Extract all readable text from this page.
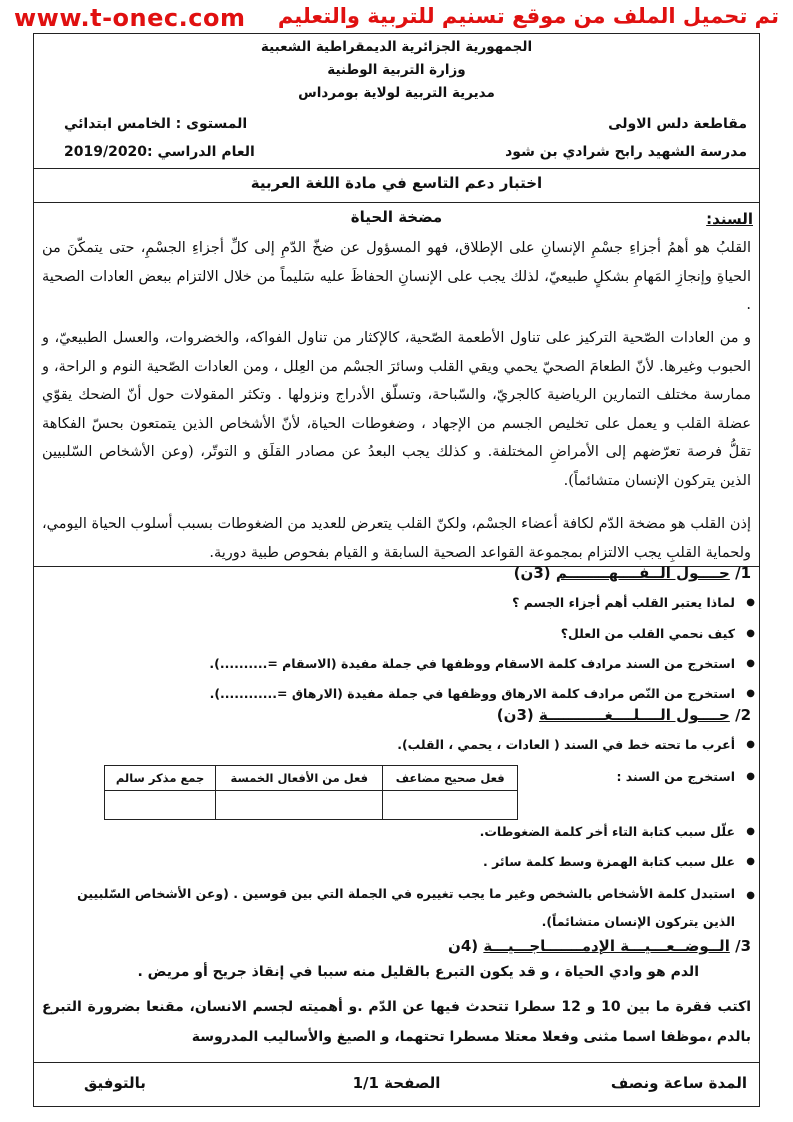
تم تحميل الملف من موقع تسنيم للتربية والتعليم
www.t-onec.com
الجمهورية الجزائرية الديمقراطية الشعبية
وزارة التربية الوطنية
مديرية التربية لولاية بومرداس
مقاطعة دلس الاولى
المستوى : الخامس ابتدائي
مدرسة الشهيد رابح شرادي بن شود
العام الدراسي :2019/2020
اختبار دعم التاسع في مادة اللغة العربية
السند:
مضخة الحياة
القلبُ هو أهمُ أجزاءِ جسْمِ الإنسانِ على الإطلاق، فهو المسؤول عن ضخّ الدّمِ إلى كلِّ أجزاءِ الجسْمِ، حتى يتمكّنَ من الحياةِ وإنجازِ المَهامِ بشكلٍ طبيعيّ، لذلك يجب على الإنسانِ الحفاظَ عليه سَليماً من خلال الالتزام ببعض العادات الصحية .
و من العادات الصّحية التركيز على تناول الأطعمة الصّحية، كالإكثار من تناول الفواكه، والخضروات، والعسل الطبيعيّ، و الحبوب وغيرها. لأنّ الطعامَ الصحيّ يحمي ويقي القلب وسائرَ الجسْم من العِلل ، ومن العادات الصّحية النوم و الراحة، و ممارسة مختلف التمارين الرياضية كالجريّ، والسّباحة، وتسلّق الأدراج ونزولها . وتكثر المقولات حول أنّ الضحك يقوّي عضلة القلب و يعمل على تخليص الجسم من الإجهاد ، وضغوطات الحياة، لأنّ الأشخاص الذين يتمتعون بحسّ الفكاهة تقلُّ فرصة تعرّضهم إلى الأمراضِ المختلفة. و كذلك يجب البعدُ عن مصادر القلَق و التوتّر، (وعن الأشخاص السّلبيين الذين يتركون الإنسان متشائماً).
إذن القلب هو مضخة الدّم لكافة أعضاء الجسْم، ولكنّ القلب يتعرض للعديد من الضغوطات بسبب أسلوب الحياة اليومي، ولحماية القلبِ يجب الالتزام بمجموعة القواعد الصحية السابقة و القيام بفحوص طبية دورية.
1/ حــــول الــفــــهــــــــم (3ن)
● لماذا يعتبر القلب أهم أجزاء الجسم ؟
● كيف نحمي القلب من العلل؟
● استخرج من السند مرادف كلمة الاسقام ووظفها في جملة مفيدة (الاسقام =..........).
● استخرج من النّص مرادف كلمة الارهاق ووظفها في جملة مفيدة (الارهاق =............).
2/ حــــول الــــلــــغـــــــــــة (3ن)
● أعرب ما تحته خط في السند ( العادات ، يحمي ، القلب).
● استخرج من السند :
فعل صحيح مضاعف	فعل من الأفعال الخمسة	جمع مذكر سالم

● علّل سبب كتابة التاء أخر كلمة الضغوطات.
● علل سبب كتابة الهمزة وسط كلمة سائر .
● استبدل كلمة الأشخاص بالشخص وغير ما يجب تغييره في الجملة التي بين قوسين . (وعن الأشخاص السّلبيين الذين يتركون الإنسان متشائماً).
3/ الــوضــعـــيـــة الإدمـــــــاجـــيـــة (4ن
الدم هو وادي الحياة ، و قد يكون التبرع بالقليل منه سببا في إنقاذ جريح أو مريض .
اكتب فقرة ما بين 10 و 12 سطرا تتحدث فيها عن الدّم .و أهميته لجسم الانسان، مقنعا بضرورة التبرع بالدم ،موظفا اسما مثنى وفعلا معتلا مسطرا تحتهما، و الصيغ والأساليب المدروسة
المدة ساعة ونصف
الصفحة 1/1
بالتوفيق
